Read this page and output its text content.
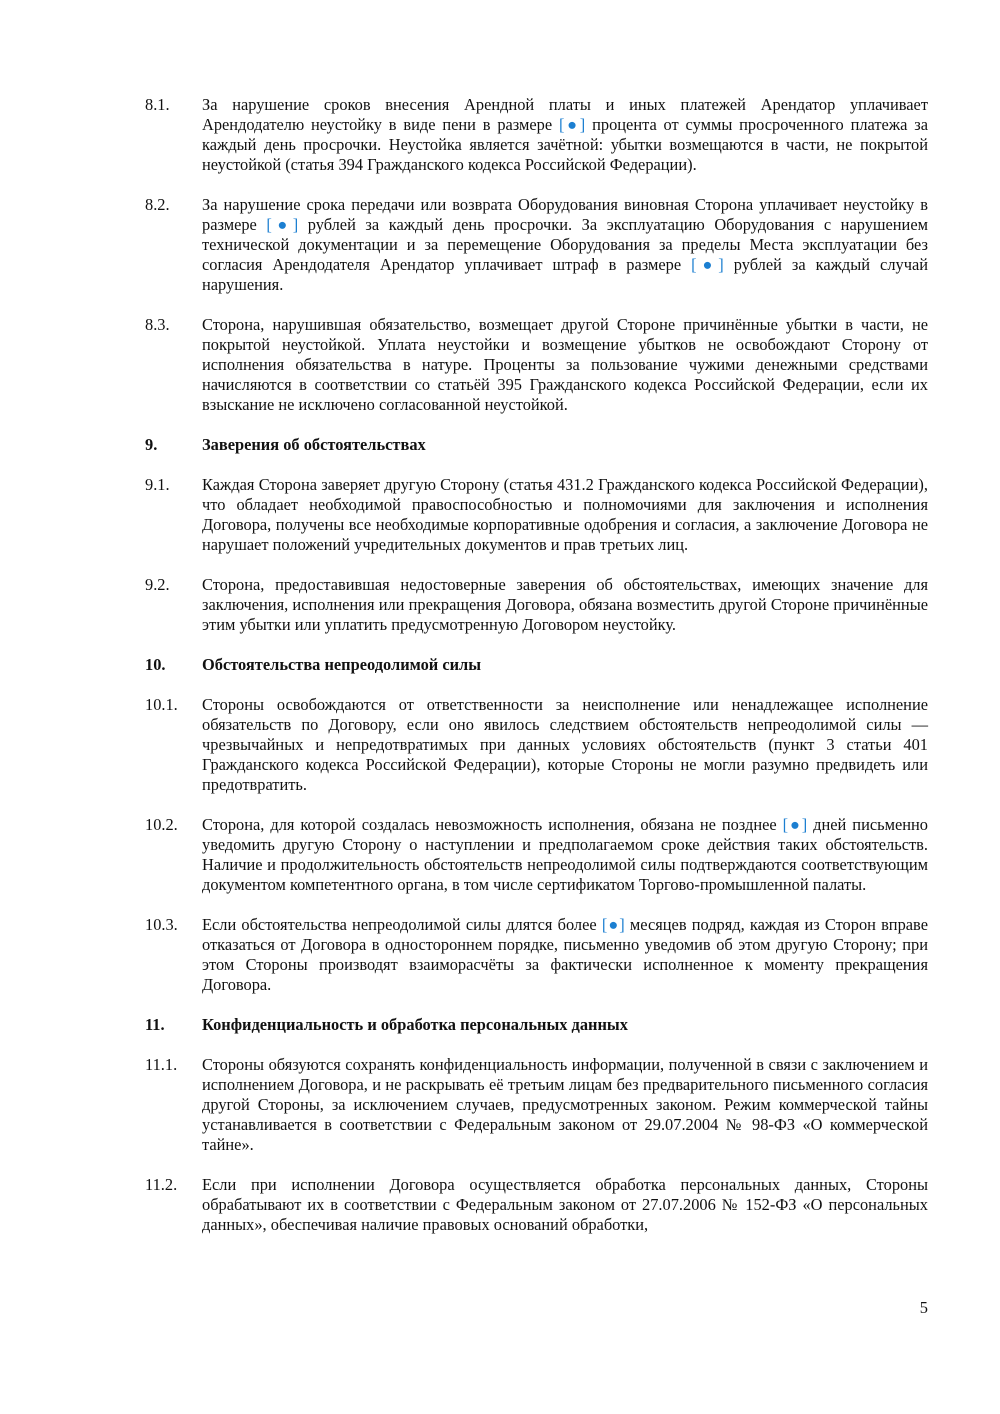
8.1.	За нарушение сроков внесения Арендной платы и иных платежей Арендатор уплачивает Арендодателю неустойку в виде пени в размере [●] процента от суммы просроченного платежа за каждый день просрочки. Неустойка является зачётной: убытки возмещаются в части, не покрытой неустойкой (статья 394 Гражданского кодекса Российской Федерации).
8.2.	За нарушение срока передачи или возврата Оборудования виновная Сторона уплачивает неустойку в размере [●] рублей за каждый день просрочки. За эксплуатацию Оборудования с нарушением технической документации и за перемещение Оборудования за пределы Места эксплуатации без согласия Арендодателя Арендатор уплачивает штраф в размере [●] рублей за каждый случай нарушения.
8.3.	Сторона, нарушившая обязательство, возмещает другой Стороне причинённые убытки в части, не покрытой неустойкой. Уплата неустойки и возмещение убытков не освобождают Сторону от исполнения обязательства в натуре. Проценты за пользование чужими денежными средствами начисляются в соответствии со статьёй 395 Гражданского кодекса Российской Федерации, если их взыскание не исключено согласованной неустойкой.
9.	Заверения об обстоятельствах
9.1.	Каждая Сторона заверяет другую Сторону (статья 431.2 Гражданского кодекса Российской Федерации), что обладает необходимой правоспособностью и полномочиями для заключения и исполнения Договора, получены все необходимые корпоративные одобрения и согласия, а заключение Договора не нарушает положений учредительных документов и прав третьих лиц.
9.2.	Сторона, предоставившая недостоверные заверения об обстоятельствах, имеющих значение для заключения, исполнения или прекращения Договора, обязана возместить другой Стороне причинённые этим убытки или уплатить предусмотренную Договором неустойку.
10.	Обстоятельства непреодолимой силы
10.1.	Стороны освобождаются от ответственности за неисполнение или ненадлежащее исполнение обязательств по Договору, если оно явилось следствием обстоятельств непреодолимой силы — чрезвычайных и непредотвратимых при данных условиях обстоятельств (пункт 3 статьи 401 Гражданского кодекса Российской Федерации), которые Стороны не могли разумно предвидеть или предотвратить.
10.2.	Сторона, для которой создалась невозможность исполнения, обязана не позднее [●] дней письменно уведомить другую Сторону о наступлении и предполагаемом сроке действия таких обстоятельств. Наличие и продолжительность обстоятельств непреодолимой силы подтверждаются соответствующим документом компетентного органа, в том числе сертификатом Торгово-промышленной палаты.
10.3.	Если обстоятельства непреодолимой силы длятся более [●] месяцев подряд, каждая из Сторон вправе отказаться от Договора в одностороннем порядке, письменно уведомив об этом другую Сторону; при этом Стороны производят взаиморасчёты за фактически исполненное к моменту прекращения Договора.
11.	Конфиденциальность и обработка персональных данных
11.1.	Стороны обязуются сохранять конфиденциальность информации, полученной в связи с заключением и исполнением Договора, и не раскрывать её третьим лицам без предварительного письменного согласия другой Стороны, за исключением случаев, предусмотренных законом. Режим коммерческой тайны устанавливается в соответствии с Федеральным законом от 29.07.2004 № 98-ФЗ «О коммерческой тайне».
11.2.	Если при исполнении Договора осуществляется обработка персональных данных, Стороны обрабатывают их в соответствии с Федеральным законом от 27.07.2006 № 152-ФЗ «О персональных данных», обеспечивая наличие правовых оснований обработки,
5
